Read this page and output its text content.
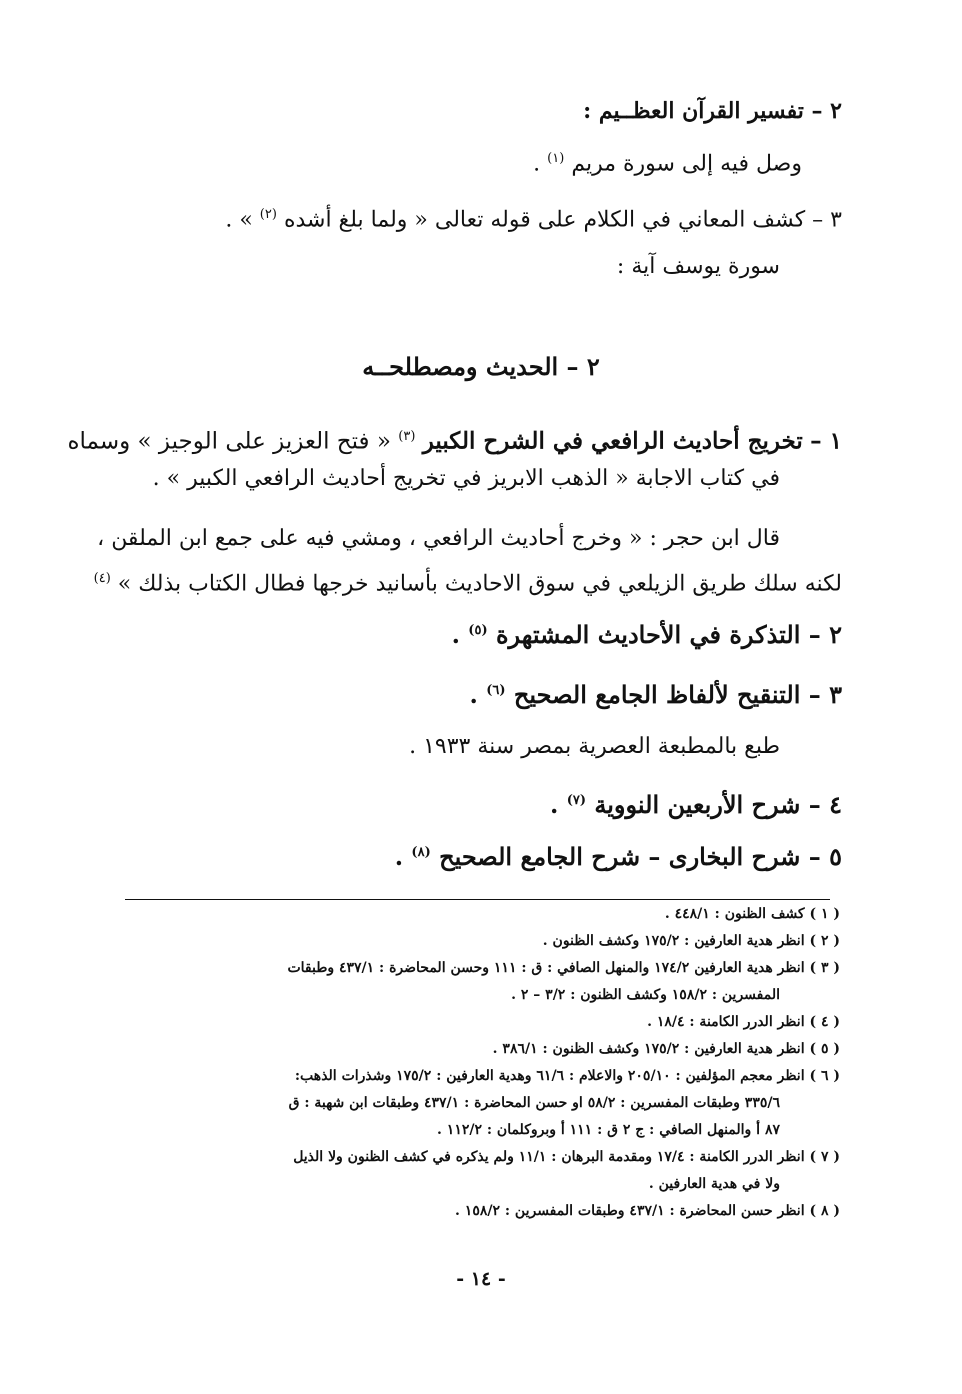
٢ – تفسير القرآن العظــيم :
وصل فيه إلى سورة مريم $^{(١)}$ .
٣ – كشف المعاني في الكلام على قوله تعالى « ولما بلغ أشده $^{(٢)}$ » .
سورة يوسف آية :
٢ – الحديث ومصطلحــه
١ – تخريج أحاديث الرافعي في الشرح الكبير $^{(٣)}$ « فتح العزيز على الوجيز » وسماه
في كتاب الاجابة « الذهب الابريز في تخريج أحاديث الرافعي الكبير » .
قال ابن حجر : « وخرج أحاديث الرافعي ، ومشي فيه على جمع ابن الملقن ،
لكنه سلك طريق الزيلعي في سوق الاحاديث بأسانيد خرجها فطال الكتاب بذلك » $^{(٤)}$
٢ – التذكرة في الأحاديث المشتهرة $^{(٥)}$ .
٣ – التنقيح لألفاظ الجامع الصحيح $^{(٦)}$ .
طبع بالمطبعة العصرية بمصر سنة ١٩٣٣ .
٤ – شرح الأربعين النووية $^{(٧)}$ .
٥ – شرح البخارى – شرح الجامع الصحيح $^{(٨)}$ .
( ١ ) كشف الظنون : ٤٤٨/١ .
( ٢ ) انظر هدية العارفين : ١٧٥/٢ وكشف الظنون .
( ٣ ) انظر هدية العارفين ١٧٤/٢ والمنهل الصافي : ق : ١١١ وحسن المحاضرة : ٤٣٧/١ وطبقات
المفسرين : ١٥٨/٢ وكشف الظنون : ٣/٢ – ٢ .
( ٤ ) انظر الدرر الكامنة : ١٨/٤ .
( ٥ ) انظر هدية العارفين : ١٧٥/٢ وكشف الظنون : ٣٨٦/١ .
( ٦ ) انظر معجم المؤلفين : ٢٠٥/١٠ والاعلام : ٦١/٦ وهدية العارفين : ١٧٥/٢ وشذرات الذهب:
٣٣٥/٦ وطبقات المفسرين : ٥٨/٢ او حسن المحاضرة : ٤٣٧/١ وطبقات ابن شهبة : ق
٨٧ أ والمنهل الصافي : ج ٢ ق : ١١١ أ وبروكلمان : ١١٢/٢ .
( ٧ ) انظر الدرر الكامنة : ١٧/٤ ومقدمة البرهان : ١١/١ ولم يذكره في كشف الظنون ولا الذيل
ولا في هدية العارفين .
( ٨ ) انظر حسن المحاضرة : ٤٣٧/١ وطبقات المفسرين : ١٥٨/٢ .
- ١٤ -
